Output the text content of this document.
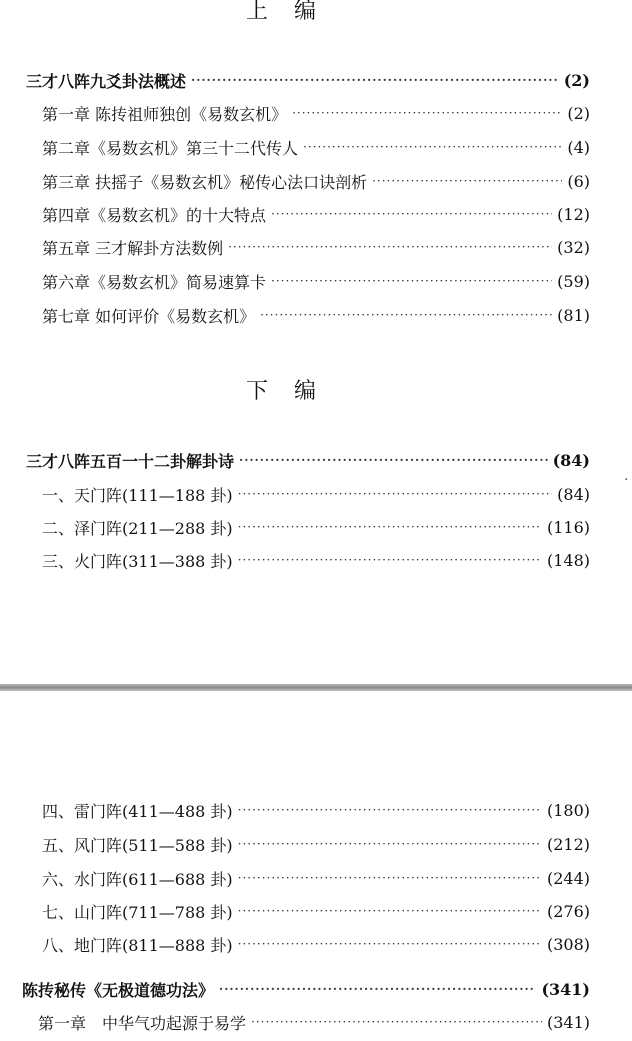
上　编
三才八阵九爻卦法概述 ·····	(2)
第一章 陈抟祖师独创《易数玄机》 ·····	(2)
第二章《易数玄机》第三十二代传人 ·····	(4)
第三章 扶摇子《易数玄机》秘传心法口诀剖析 ·····	(6)
第四章《易数玄机》的十大特点 ·····	(12)
第五章 三才解卦方法数例 ·····	(32)
第六章《易数玄机》简易速算卡 ·····	(59)
第七章 如何评价《易数玄机》 ·····	(81)
下　编
三才八阵五百一十二卦解卦诗 ·····	(84)
一、天门阵(111—188 卦) ·····	(84)
二、泽门阵(211—288 卦) ·····	(116)
三、火门阵(311—388 卦) ·····	(148)
·
四、雷门阵(411—488 卦) ·····	(180)
五、风门阵(511—588 卦) ·····	(212)
六、水门阵(611—688 卦) ·····	(244)
七、山门阵(711—788 卦) ·····	(276)
八、地门阵(811—888 卦) ·····	(308)
陈抟秘传《无极道德功法》 ·····	(341)
第一章　中华气功起源于易学 ·····	(341)
